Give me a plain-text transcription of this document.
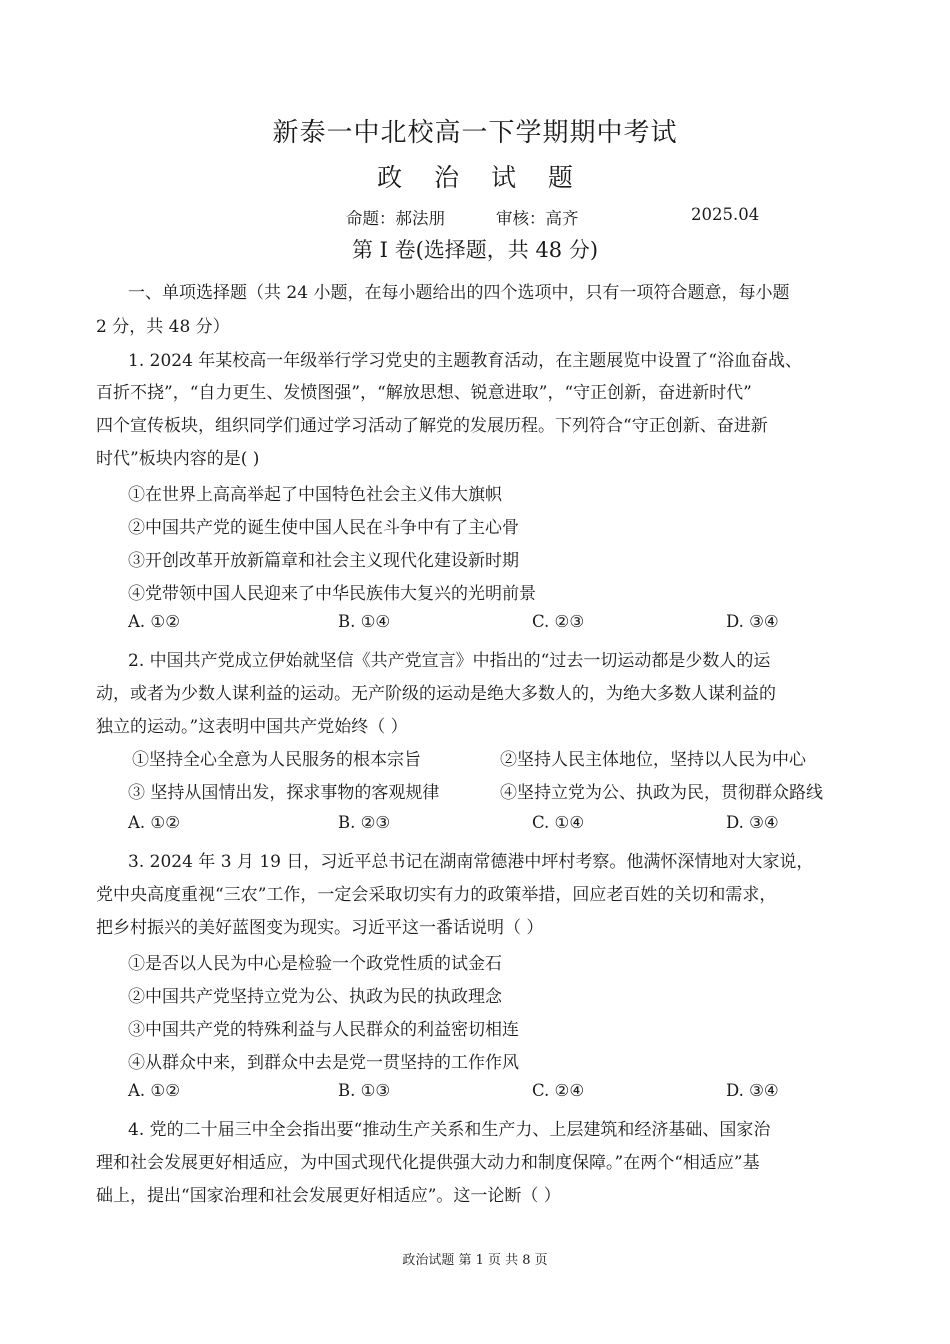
新泰一中北校高一下学期期中考试
政 治 试 题
命题：郝法朋	审核：高齐	2025.04
第 I 卷(选择题，共 48 分)
一、单项选择题（共 24 小题，在每小题给出的四个选项中，只有一项符合题意，每小题
2 分，共 48 分）
1. 2024 年某校高一年级举行学习党史的主题教育活动，在主题展览中设置了“浴血奋战、
百折不挠”，“自力更生、发愤图强”，“解放思想、锐意进取”，“守正创新，奋进新时代”
四个宣传板块，组织同学们通过学习活动了解党的发展历程。下列符合“守正创新、奋进新
时代”板块内容的是( )
①在世界上高高举起了中国特色社会主义伟大旗帜
②中国共产党的诞生使中国人民在斗争中有了主心骨
③开创改革开放新篇章和社会主义现代化建设新时期
④党带领中国人民迎来了中华民族伟大复兴的光明前景
A. ①②	B. ①④	C. ②③	D. ③④
2. 中国共产党成立伊始就坚信《共产党宣言》中指出的“过去一切运动都是少数人的运
动，或者为少数人谋利益的运动。无产阶级的运动是绝大多数人的，为绝大多数人谋利益的
独立的运动。”这表明中国共产党始终（ ）
①坚持全心全意为人民服务的根本宗旨	②坚持人民主体地位，坚持以人民为中心
③ 坚持从国情出发，探求事物的客观规律	④坚持立党为公、执政为民，贯彻群众路线
A. ①②	B. ②③	C. ①④	D. ③④
3. 2024 年 3 月 19 日，习近平总书记在湖南常德港中坪村考察。他满怀深情地对大家说，
党中央高度重视“三农”工作，一定会采取切实有力的政策举措，回应老百姓的关切和需求，
把乡村振兴的美好蓝图变为现实。习近平这一番话说明（ ）
①是否以人民为中心是检验一个政党性质的试金石
②中国共产党坚持立党为公、执政为民的执政理念
③中国共产党的特殊利益与人民群众的利益密切相连
④从群众中来，到群众中去是党一贯坚持的工作作风
A. ①②	B. ①③	C. ②④	D. ③④
4. 党的二十届三中全会指出要“推动生产关系和生产力、上层建筑和经济基础、国家治
理和社会发展更好相适应，为中国式现代化提供强大动力和制度保障。”在两个“相适应”基
础上，提出“国家治理和社会发展更好相适应”。这一论断（ ）
政治试题 第 1 页 共 8 页
